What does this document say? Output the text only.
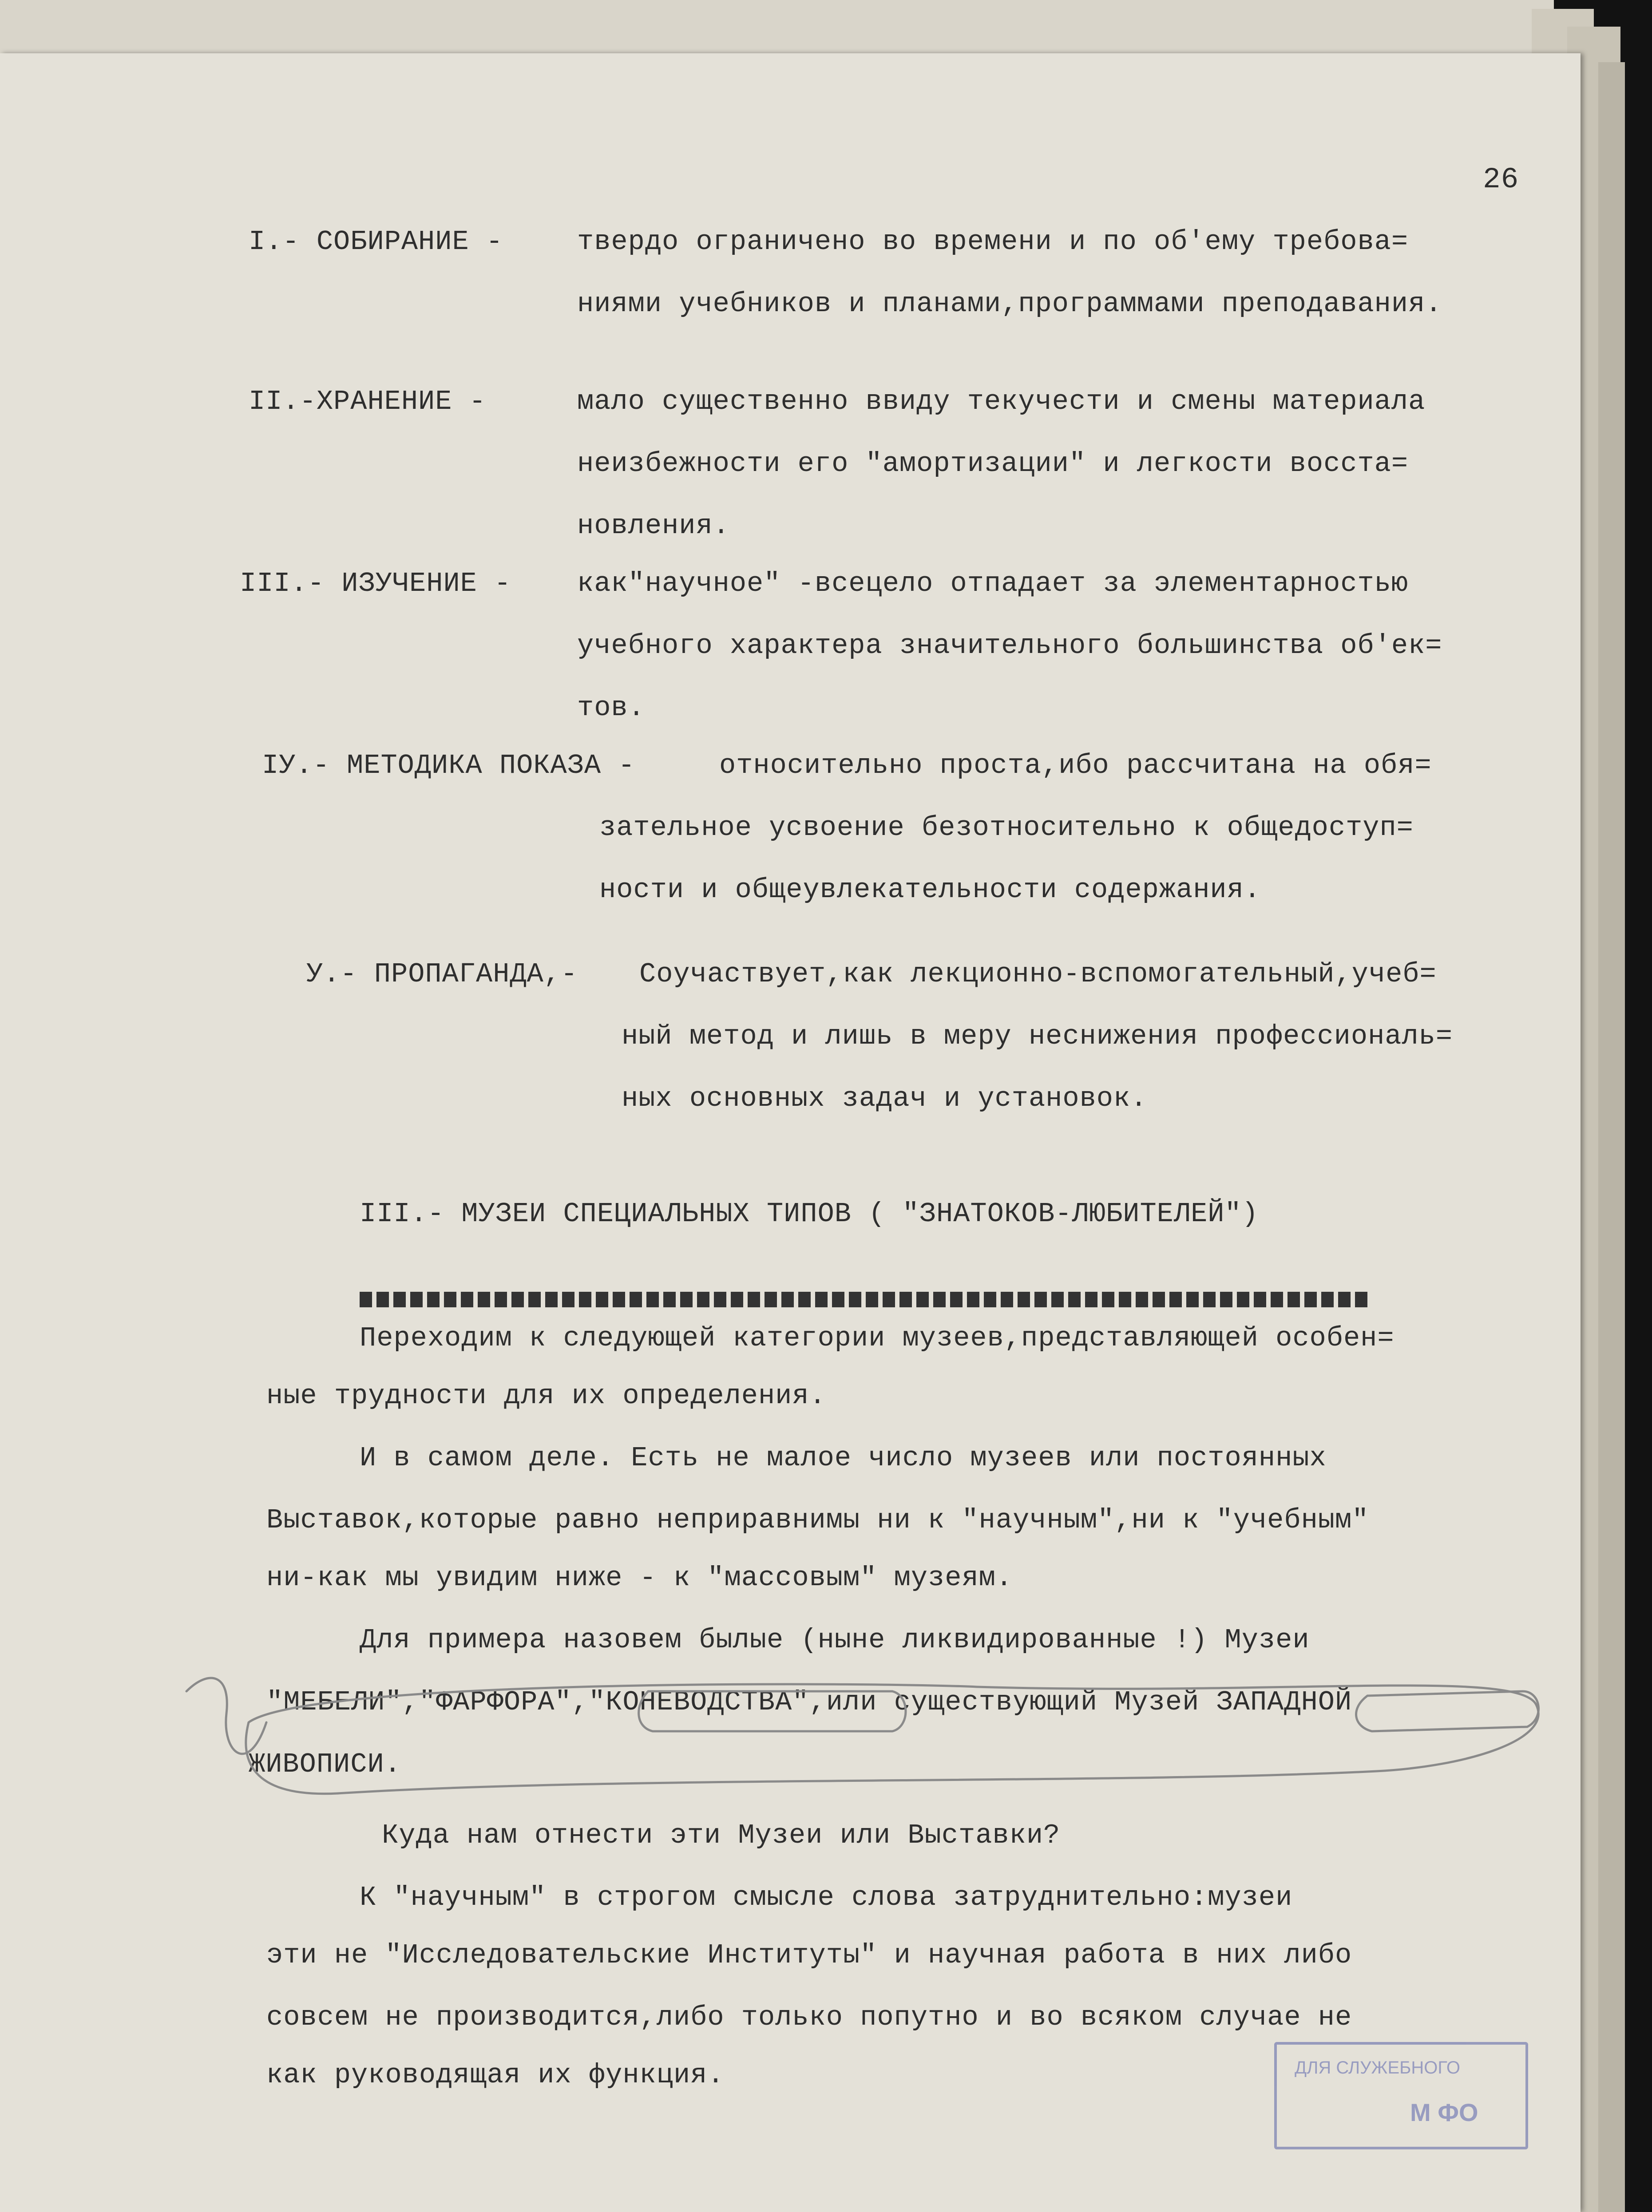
26
I.- СОБИРАНИЕ -	твердо ограничено во времени и по об'ему требова=
ниями учебников и планами,программами преподавания.
II.-ХРАНЕНИЕ -	мало существенно ввиду текучести и смены материала
неизбежности его "амортизации" и легкости восста=
новления.
III.- ИЗУЧЕНИЕ - как"научное" -всецело отпадает за элементарностью
учебного характера значительного большинства об'ек=
тов.
IУ.- МЕТОДИКА ПОКАЗА -	относительно проста,ибо рассчитана на обя=
зательное усвоение безотносительно к общедоступ=
ности и общеувлекательности содержания.
У.- ПРОПАГАНДА,- Соучаствует,как лекционно-вспомогательный,учеб=
ный метод и лишь в меру неснижения профессиональ=
ных основных задач и установок.
III.- МУЗЕИ СПЕЦИАЛЬНЫХ ТИПОВ ( "ЗНАТОКОВ-ЛЮБИТЕЛЕЙ")
Переходим к следующей категории музеев,представляющей особен=
ные трудности для их определения.
И в самом деле. Есть не малое число музеев или постоянных
Выставок,которые равно неприравнимы ни к "научным",ни к "учебным"
ни-как мы увидим ниже - к "массовым" музеям.
Для примера назовем былые (ныне ликвидированные !) Музеи
"МЕБЕЛИ","ФАРФОРА","КОНЕВОДСТВА",или существующий Музей ЗАПАДНОЙ
ЖИВОПИСИ.
Куда нам отнести эти Музеи или Выставки?
К "научным" в строгом смысле слова затруднительно:музеи
эти не "Исследовательские Институты" и научная работа в них либо
совсем не производится,либо только попутно и во всяком случае не
как руководящая их функция.	ДЛЯ СЛУЖЕБНОГО
М ФО
